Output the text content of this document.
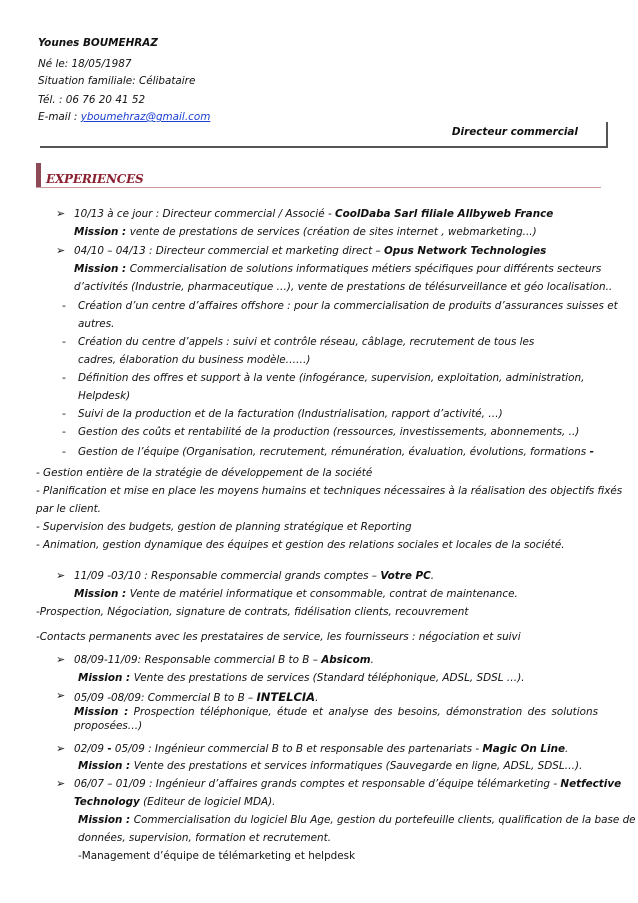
Younes BOUMEHRAZ
Né le: 18/05/1987
Situation familiale: Célibataire
Tél. : 06 76 20 41 52
E-mail : yboumehraz@gmail.com
Directeur commercial
EXPERIENCES
➢ 10/13 à ce jour : Directeur commercial / Associé - CoolDaba Sarl filiale Allbyweb France
Mission : vente de prestations de services (création de sites internet , webmarketing...)
➢ 04/10 – 04/13 : Directeur commercial et marketing direct – Opus Network Technologies
Mission : Commercialisation de solutions informatiques métiers spécifiques pour différents secteurs
d’activités (Industrie, pharmaceutique …), vente de prestations de télésurveillance et géo localisation..
- Création d’un centre d’affaires offshore : pour la commercialisation de produits d’assurances suisses et
autres.
- Création du centre d’appels : suivi et contrôle réseau, câblage, recrutement de tous les
cadres, élaboration du business modèle……)
- Définition des offres et support à la vente (infogérance, supervision, exploitation, administration,
Helpdesk)
- Suivi de la production et de la facturation (Industrialisation, rapport d’activité, …)
- Gestion des coûts et rentabilité de la production (ressources, investissements, abonnements, ..)
- Gestion de l’équipe (Organisation, recrutement, rémunération, évaluation, évolutions, formations -
- Gestion entière de la stratégie de développement de la société
- Planification et mise en place les moyens humains et techniques nécessaires à la réalisation des objectifs fixés
par le client.
- Supervision des budgets, gestion de planning stratégique et Reporting
- Animation, gestion dynamique des équipes et gestion des relations sociales et locales de la société.
➢ 11/09 -03/10 : Responsable commercial grands comptes – Votre PC.
Mission : Vente de matériel informatique et consommable, contrat de maintenance.
-Prospection, Négociation, signature de contrats, fidélisation clients, recouvrement
-Contacts permanents avec les prestataires de service, les fournisseurs : négociation et suivi
➢ 08/09-11/09: Responsable commercial B to B – Absicom.
Mission : Vente des prestations de services (Standard téléphonique, ADSL, SDSL …).
➢ 05/09 -08/09: Commercial B to B – INTELCIA.
Mission : Prospection téléphonique, étude et analyse des besoins, démonstration des solutions
proposées…)
➢ 02/09 - 05/09 : Ingénieur commercial B to B et responsable des partenariats - Magic On Line.
Mission : Vente des prestations et services informatiques (Sauvegarde en ligne, ADSL, SDSL…).
➢ 06/07 – 01/09 : Ingénieur d’affaires grands comptes et responsable d’équipe télémarketing - Netfective
Technology (Editeur de logiciel MDA).
Mission : Commercialisation du logiciel Blu Age, gestion du portefeuille clients, qualification de la base de
données, supervision, formation et recrutement.
-Management d’équipe de télémarketing et helpdesk
